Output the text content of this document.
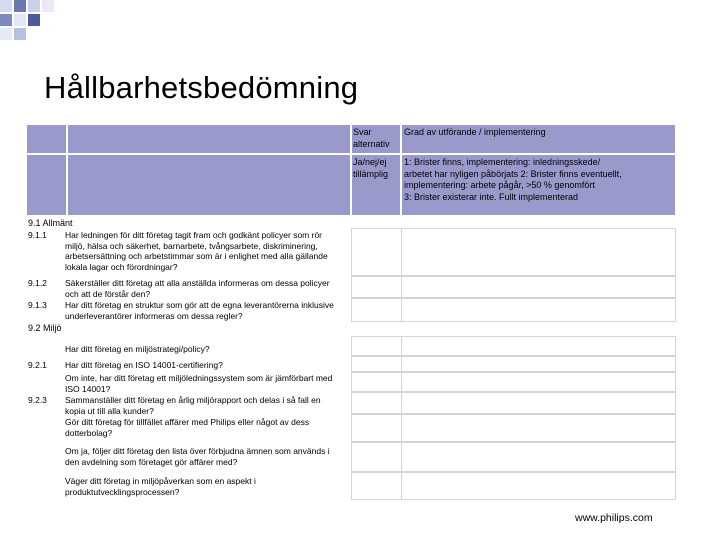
Hållbarhetsbedömning
Svar
alternativ
Grad av utförande / implementering
Ja/nej/ej
tillämplig
1: Brister finns, implementering: inledningsskede/
arbetet har nyligen påbörjats 2: Brister finns eventuellt,
implementering: arbete pågår, >50 % genomfört
3: Brister existerar inte. Fullt implementerad
9.1 Allmänt
9.2 Miljö
9.1.1
9.1.2
9.1.3
9.2.1
9.2.3
Har ledningen för ditt företag tagit fram och godkänt policyer som rör
miljö, hälsa och säkerhet, barnarbete, tvångsarbete, diskriminering,
arbetsersättning och arbetstimmar som är i enlighet med alla gällande
lokala lagar och förordningar?
Säkerställer ditt företag att alla anställda informeras om dessa policyer
och att de förstår den?
Har ditt företag en struktur som gör att de egna leverantörerna inklusive
underleverantörer informeras om dessa regler?
Har ditt företag en miljöstrategi/policy?
Har ditt företag en ISO 14001-certifiering?
Om inte, har ditt företag ett miljöledningssystem som är jämförbart med
ISO 14001?
Sammanställer ditt företag en årlig miljörapport och delas i så fall en
kopia ut till alla kunder?
Gör ditt företag för tillfället affärer med Philips eller något av dess
dotterbolag?
Om ja, följer ditt företag den lista över förbjudna ämnen som används i
den avdelning som företaget gör affärer med?
Väger ditt företag in miljöpåverkan som en aspekt i
produktutvecklingsprocessen?
www.philips.com
